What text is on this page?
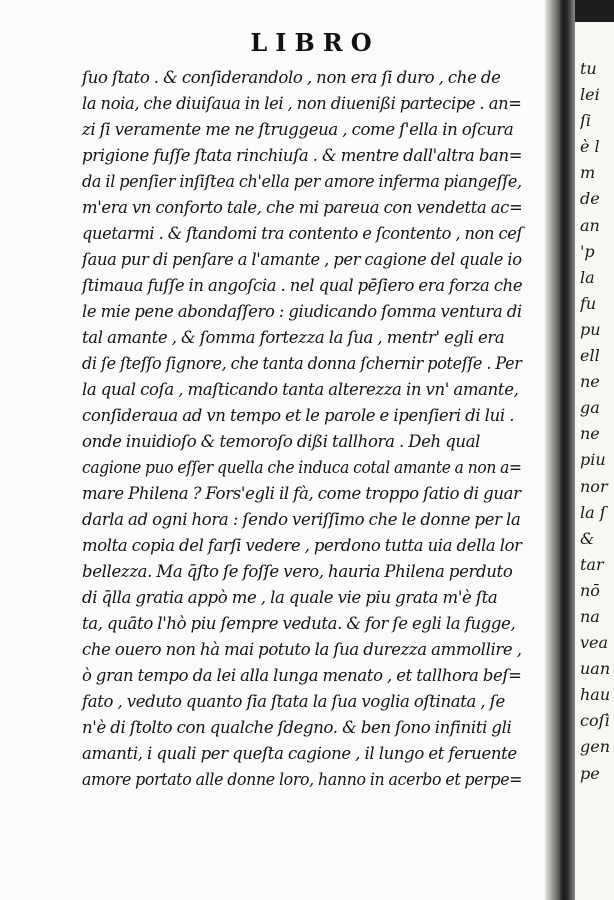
LIBRO
ſuo ſtato . & conſiderandolo , non era ſi duro , che de
la noia, che diuiſaua in lei , non diuenißi partecipe . an=
zi ſi veramente me ne ſtruggeua , come ſ'ella in oſcura
prigione fuſſe ſtata rinchiuſa . & mentre dall'altra ban=
da il penſier inſiſtea ch'ella per amore inferma piangeſſe,
m'era vn conforto tale, che mi pareua con vendetta ac=
quetarmi . & ſtandomi tra contento e ſcontento , non ceſ
ſaua pur di penſare a l'amante , per cagione del quale io
ſtimaua fuſſe in angoſcia . nel qual pēſiero era forza che
le mie pene abondaſſero : giudicando ſomma ventura di
tal amante , & ſomma fortezza la ſua , mentr' egli era
di ſe ſteſſo ſignore, che tanta donna ſchernir poteſſe . Per
la qual coſa , maſticando tanta alterezza in vn' amante,
conſideraua ad vn tempo et le parole e ipenſieri di lui .
onde inuidioſo & temoroſo dißi tallhora . Deh qual
cagione puo eſſer quella che induca cotal amante a non a=
mare Philena ? Fors'egli il fà, come troppo ſatio di guar
darla ad ogni hora : ſendo veriſſimo che le donne per la
molta copia del farſi vedere , perdono tutta uia della lor
bellezza. Ma q̄ſto ſe foſſe vero, hauria Philena perduto
di q̄lla gratia appò me , la quale vie piu grata m'è ſta
ta, quāto l'hò piu ſempre veduta. & for ſe egli la fugge,
che ouero non hà mai potuto la ſua durezza ammollire ,
ò gran tempo da lei alla lunga menato , et tallhora beſ=
fato , veduto quanto ſia ſtata la ſua voglia oſtinata , ſe
n'è di ſtolto con qualche ſdegno. & ben ſono infiniti gli
amanti, i quali per queſta cagione , il lungo et feruente
amore portato alle donne loro, hanno in acerbo et perpe=
tu
lei
ſi
è l
m
de
an
'p
la
fu
pu
ell
ne
ga
ne
piu
nor
la ſ
&
tar
nō
na
vea
uan
hau
coſì
gen
pe
